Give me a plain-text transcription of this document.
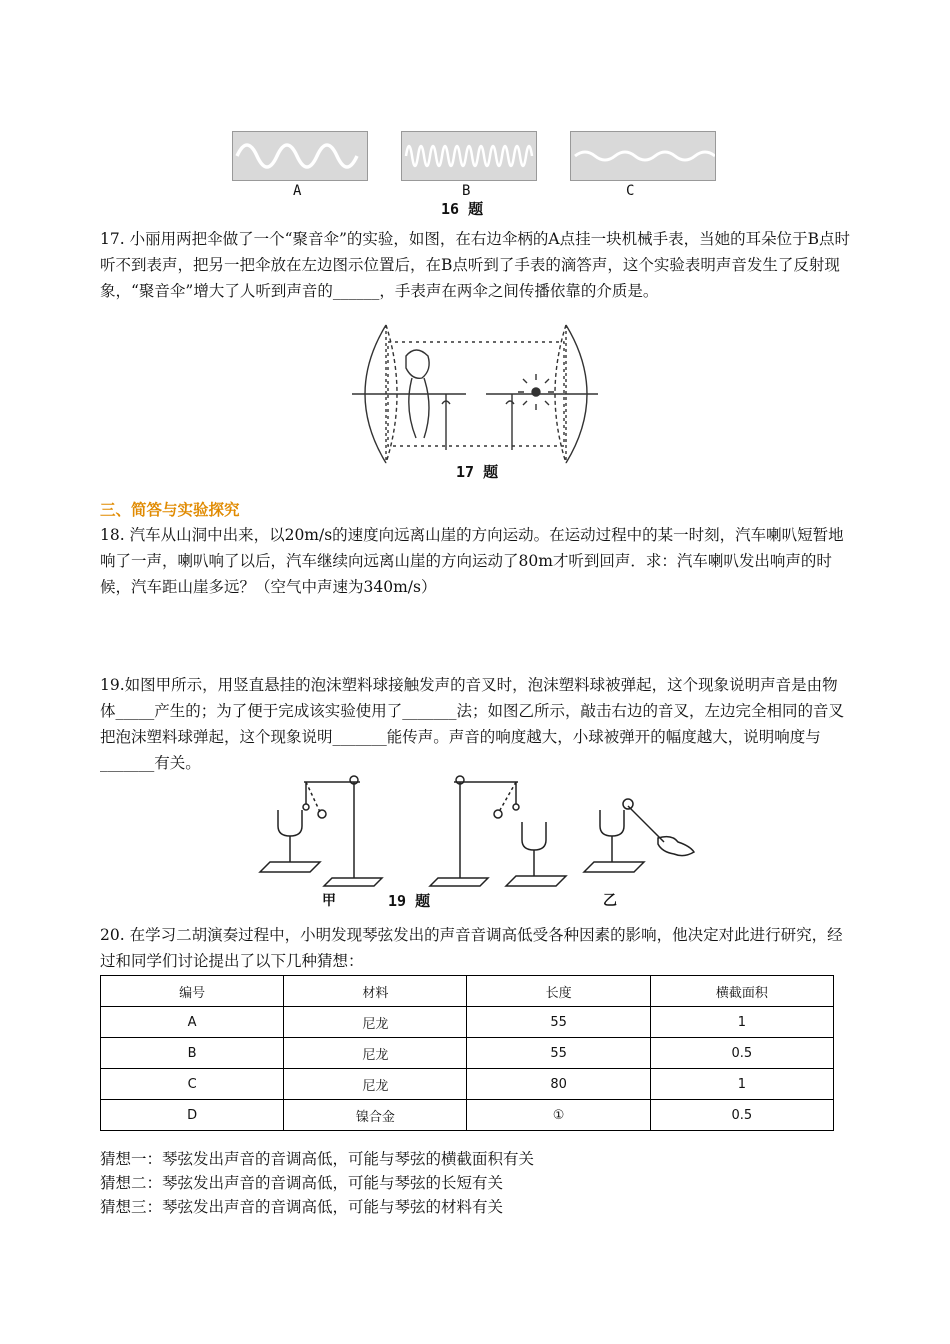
A	B	C
16 题
17. 小丽用两把伞做了一个“聚音伞”的实验，如图，在右边伞柄的A点挂一块机械手表，当她的耳朵位于B点时听不到表声，把另一把伞放在左边图示位置后，在B点听到了手表的滴答声，这个实验表明声音发生了反射现象，“聚音伞”增大了人听到声音的______，手表声在两伞之间传播依靠的介质是。
17 题
三、简答与实验探究
18. 汽车从山洞中出来，以20m/s的速度向远离山崖的方向运动。在运动过程中的某一时刻，汽车喇叭短暂地响了一声，喇叭响了以后，汽车继续向远离山崖的方向运动了80m才听到回声．求：汽车喇叭发出响声的时候，汽车距山崖多远？（空气中声速为340m/s）
19.如图甲所示，用竖直悬挂的泡沫塑料球接触发声的音叉时，泡沫塑料球被弹起，这个现象说明声音是由物体_____产生的；为了便于完成该实验使用了_______法；如图乙所示，敲击右边的音叉，左边完全相同的音叉把泡沫塑料球弹起，这个现象说明_______能传声。声音的响度越大，小球被弹开的幅度越大，说明响度与_______有关。
甲	19 题	乙
20. 在学习二胡演奏过程中，小明发现琴弦发出的声音音调高低受各种因素的影响，他决定对此进行研究，经过和同学们讨论提出了以下几种猜想：
编号	材料	长度	横截面积
A	尼龙	55	1
B	尼龙	55	0.5
C	尼龙	80	1
D	镍合金	①	0.5
猜想一：琴弦发出声音的音调高低，可能与琴弦的横截面积有关
猜想二：琴弦发出声音的音调高低，可能与琴弦的长短有关
猜想三：琴弦发出声音的音调高低，可能与琴弦的材料有关
